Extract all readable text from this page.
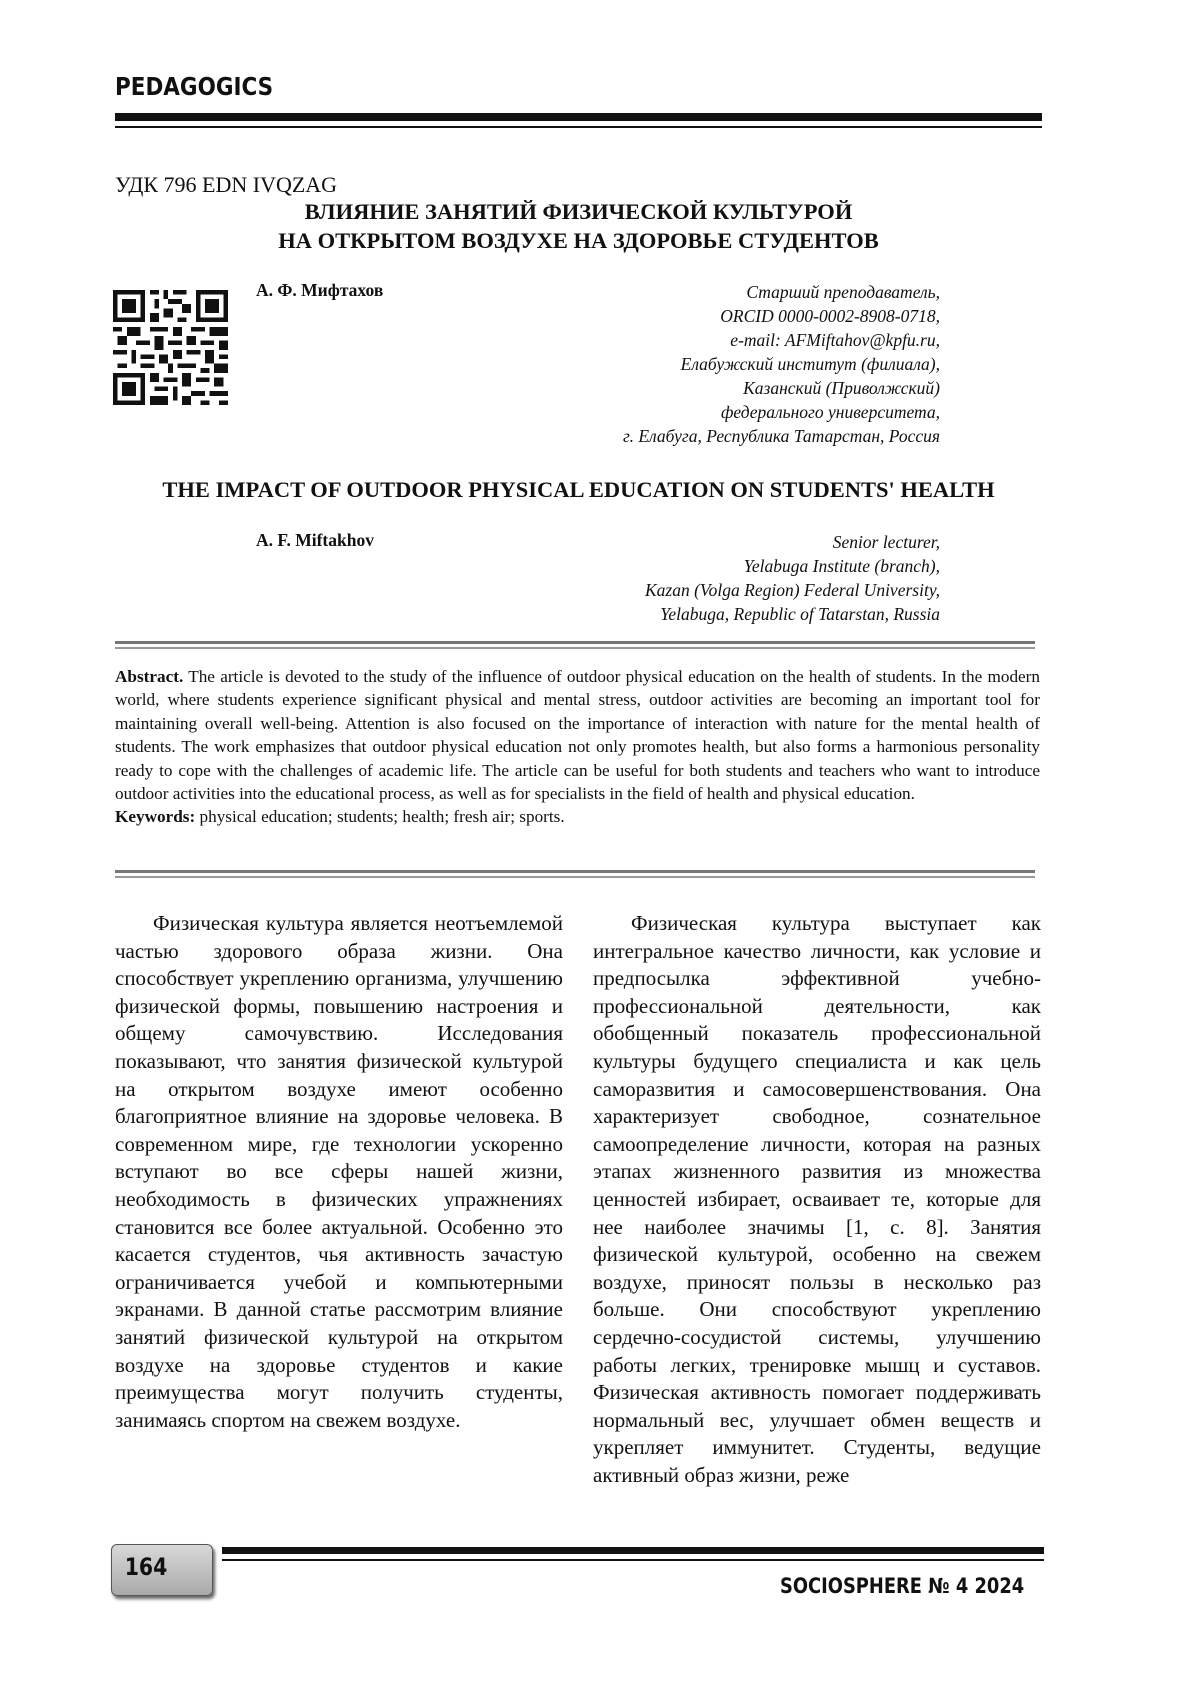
PEDAGOGICS
УДК 796 EDN IVQZAG
ВЛИЯНИЕ ЗАНЯТИЙ ФИЗИЧЕСКОЙ КУЛЬТУРОЙ
НА ОТКРЫТОМ ВОЗДУХЕ НА ЗДОРОВЬЕ СТУДЕНТОВ
А. Ф. Мифтахов	Старший преподаватель,
ORCID 0000-0002-8908-0718,
e-mail: AFMiftahov@kpfu.ru,
Елабужский институт (филиала),
Казанский (Приволжский)
федерального университета,
г. Елабуга, Республика Татарстан, Россия
THE IMPACT OF OUTDOOR PHYSICAL EDUCATION ON STUDENTS' HEALTH
A. F. Miftakhov	Senior lecturer,
Yelabuga Institute (branch),
Kazan (Volga Region) Federal University,
Yelabuga, Republic of Tatarstan, Russia
Abstract. The article is devoted to the study of the influence of outdoor physical education on the health of students. In the modern world, where students experience significant physical and mental stress, outdoor activities are becoming an important tool for maintaining overall well-being. Attention is also focused on the importance of interaction with nature for the mental health of students. The work emphasizes that outdoor physical education not only promotes health, but also forms a harmonious personality ready to cope with the challenges of academic life. The article can be useful for both students and teachers who want to introduce outdoor activities into the educational process, as well as for specialists in the field of health and physical education.
Keywords: physical education; students; health; fresh air; sports.

Физическая культура является неотъемлемой частью здорового образа жизни. Она способствует укреплению организма, улучшению физической формы, повышению настроения и общему самочувствию. Исследования показывают, что занятия физической культурой на открытом воздухе имеют особенно благоприятное влияние на здоровье человека. В современном мире, где технологии ускоренно вступают во все сферы нашей жизни, необходимость в физических упражнениях становится все более актуальной. Особенно это касается студентов, чья активность зачастую ограничивается учебой и компьютерными экранами. В данной статье рассмотрим влияние занятий физической культурой на открытом воздухе на здоровье студентов и какие преимущества могут получить студенты, занимаясь спортом на свежем воздухе.

Физическая культура выступает как интегральное качество личности, как условие и предпосылка эффективной учебно-профессиональной деятельности, как обобщенный показатель профессиональной культуры будущего специалиста и как цель саморазвития и самосовершенствования. Она характеризует свободное, сознательное самоопределение личности, которая на разных этапах жизненного развития из множества ценностей избирает, осваивает те, которые для нее наиболее значимы [1, с. 8]. Занятия физической культурой, особенно на свежем воздухе, приносят пользы в несколько раз больше. Они способствуют укреплению сердечно-сосудистой системы, улучшению работы легких, тренировке мышц и суставов. Физическая активность помогает поддерживать нормальный вес, улучшает обмен веществ и укрепляет иммунитет. Студенты, ведущие активный образ жизни, реже

164
SOCIOSPHERE № 4 2024
